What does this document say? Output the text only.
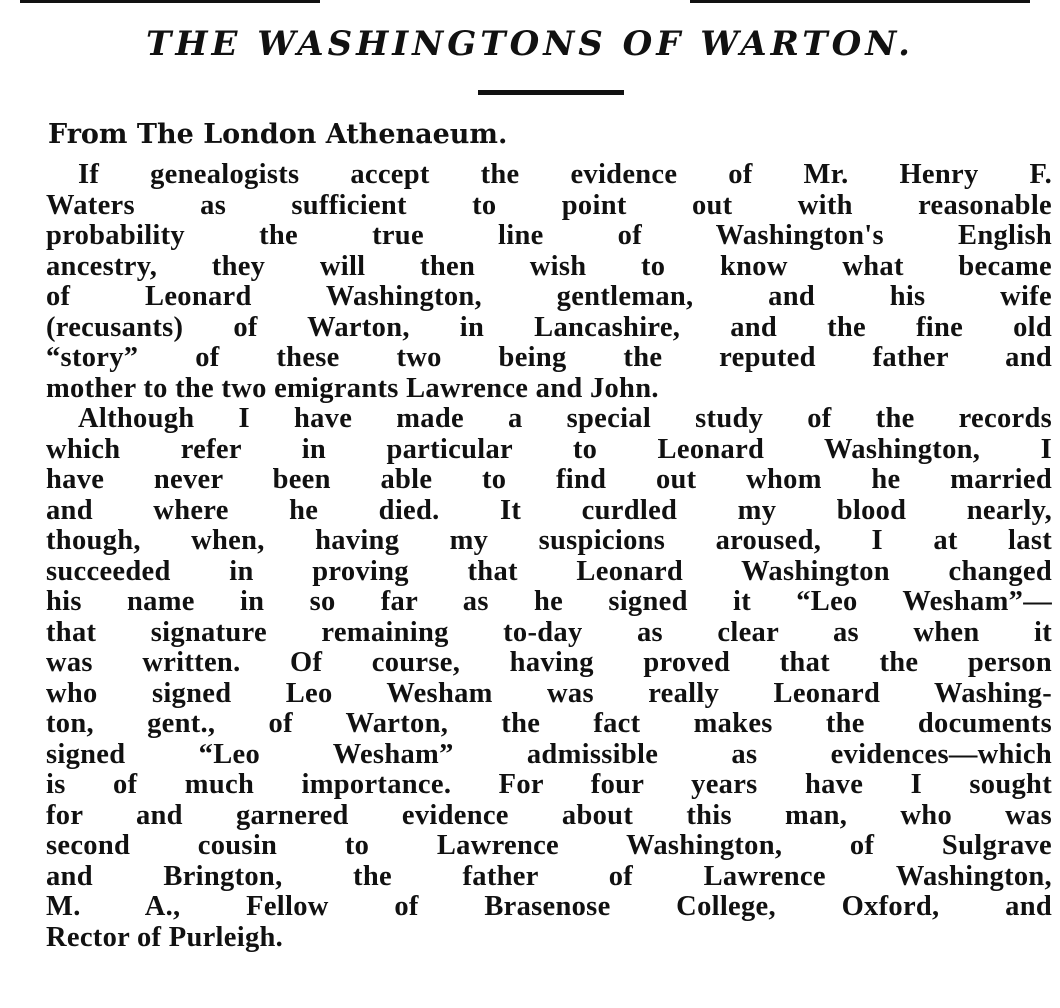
THE WASHINGTONS OF WARTON.

From The London Athenaeum.

If genealogists accept the evidence of Mr. Henry F.
Waters as sufficient to point out with reasonable
probability the true line of Washington's English
ancestry, they will then wish to know what became
of Leonard Washington, gentleman, and his wife
(recusants) of Warton, in Lancashire, and the fine old
“story” of these two being the reputed father and
mother to the two emigrants Lawrence and John.
Although I have made a special study of the records
which refer in particular to Leonard Washington, I
have never been able to find out whom he married
and where he died. It curdled my blood nearly,
though, when, having my suspicions aroused, I at last
succeeded in proving that Leonard Washington changed
his name in so far as he signed it “Leo Wesham”—
that signature remaining to-day as clear as when it
was written. Of course, having proved that the person
who signed Leo Wesham was really Leonard Washing-
ton, gent., of Warton, the fact makes the documents
signed “Leo Wesham” admissible as evidences—which
is of much importance. For four years have I sought
for and garnered evidence about this man, who was
second cousin to Lawrence Washington, of Sulgrave
and Brington, the father of Lawrence Washington,
M. A., Fellow of Brasenose College, Oxford, and
Rector of Purleigh.
